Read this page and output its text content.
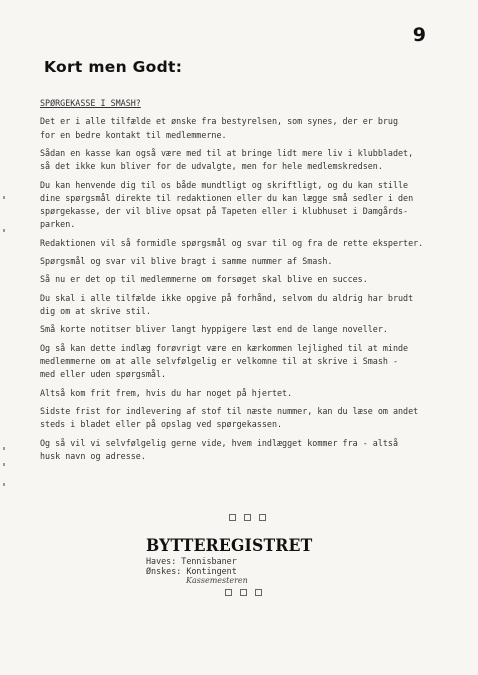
9
Kort men Godt:

SPØRGEKASSE I SMASH?

Det er i alle tilfælde et ønske fra bestyrelsen, som synes, der er brug
for en bedre kontakt til medlemmerne.

Sådan en kasse kan også være med til at bringe lidt mere liv i klubbladet,
så det ikke kun bliver for de udvalgte, men for hele medlemskredsen.

Du kan henvende dig til os både mundtligt og skriftligt, og du kan stille
dine spørgsmål direkte til redaktionen eller du kan lægge små sedler i den
spørgekasse, der vil blive opsat på Tapeten eller i klubhuset i Damgårds-
parken.

Redaktionen vil så formidle spørgsmål og svar til og fra de rette eksperter.

Spørgsmål og svar vil blive bragt i samme nummer af Smash.

Så nu er det op til medlemmerne om forsøget skal blive en succes.

Du skal i alle tilfælde ikke opgive på forhånd, selvom du aldrig har brudt
dig om at skrive stil.

Små korte notitser bliver langt hyppigere læst end de lange noveller.

Og så kan dette indlæg forøvrigt være en kærkommen lejlighed til at minde
medlemmerne om at alle selvfølgelig er velkomne til at skrive i Smash -
med eller uden spørgsmål.

Altså kom frit frem, hvis du har noget på hjertet.

Sidste frist for indlevering af stof til næste nummer, kan du læse om andet
steds i bladet eller på opslag ved spørgekassen.

Og så vil vi selvfølgelig gerne vide, hvem indlægget kommer fra - altså
husk navn og adresse.

BYTTEREGISTRET
Haves: Tennisbaner
Ønskes: Kontingent
Kassemesteren
